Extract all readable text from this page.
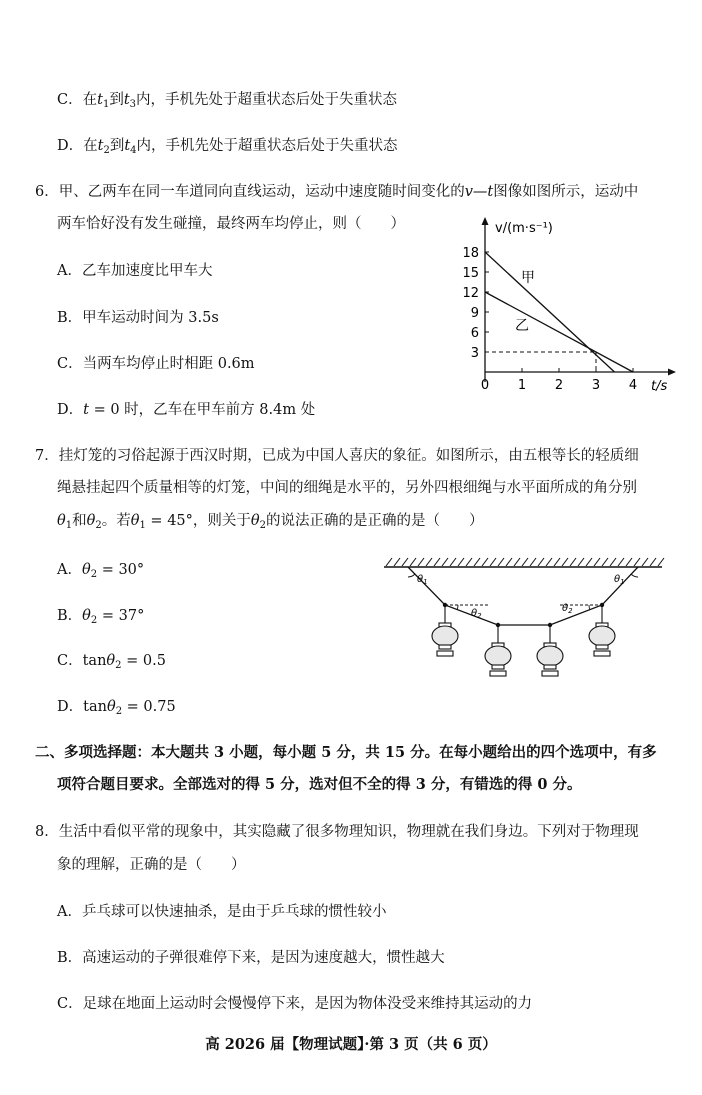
C．在$t_1$到$t_3$内，手机先处于超重状态后处于失重状态
D．在$t_2$到$t_4$内，手机先处于超重状态后处于失重状态
6．甲、乙两车在同一车道同向直线运动，运动中速度随时间变化的v—t图像如图所示，运动中
两车恰好没有发生碰撞，最终两车均停止，则（　　）
A．乙车加速度比甲车大
B．甲车运动时间为 3.5s
C．当两车均停止时相距 0.6m
D．t = 0 时，乙车在甲车前方 8.4m 处
v/(m·s⁻¹)
t/s
18
15
12
9
6
3
0 1 2 3 4
甲
乙
7．挂灯笼的习俗起源于西汉时期，已成为中国人喜庆的象征。如图所示，由五根等长的轻质细
绳悬挂起四个质量相等的灯笼，中间的细绳是水平的，另外四根细绳与水平面所成的角分别
$\theta_1$和$\theta_2$。若$\theta_1 = 45^\circ$，则关于$\theta_2$的说法正确的是正确的是（　　）
A．$\theta_2 = 30^\circ$
B．$\theta_2 = 37^\circ$
C．tanθ$_2$ = 0.5
D．tanθ$_2$ = 0.75
$\theta_1$	$\theta_1$
$\theta_2$
$\theta_2$
二、多项选择题：本大题共 3 小题，每小题 5 分，共 15 分。在每小题给出的四个选项中，有多
项符合题目要求。全部选对的得 5 分，选对但不全的得 3 分，有错选的得 0 分。
8．生活中看似平常的现象中，其实隐藏了很多物理知识，物理就在我们身边。下列对于物理现
象的理解，正确的是（　　）
A．乒乓球可以快速抽杀，是由于乒乓球的惯性较小
B．高速运动的子弹很难停下来，是因为速度越大，惯性越大
C．足球在地面上运动时会慢慢停下来，是因为物体没受来维持其运动的力
高 2026 届【物理试题】·第 3 页（共 6 页）
